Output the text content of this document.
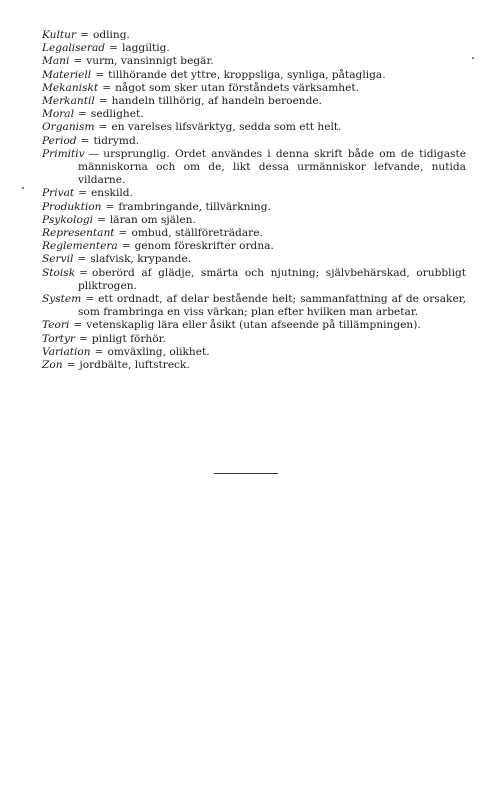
Kultur = odling.
Legaliserad = laggiltig.
Mani = vurm, vansinnigt begär.
Materiell = tillhörande det yttre, kroppsliga, synliga, påtagliga.
Mekaniskt = något som sker utan förståndets värksamhet.
Merkantil = handeln tillhörig, af handeln beroende.
Moral = sedlighet.
Organism = en varelses lifsvärktyg, sedda som ett helt.
Period = tidrymd.
Primitiv — ursprunglig. Ordet användes i denna skrift både om de tidigaste människorna och om de, likt dessa urmänniskor lefvande, nutida vildarne.
Privat = enskild.
Produktion = frambringande, tillvärkning.
Psykologi = läran om själen.
Representant = ombud, ställföreträdare.
Reglementera = genom föreskrifter ordna.
Servil = slafvisk, krypande.
Stoisk = oberörd af glädje, smärta och njutning; självbehärskad, orubbligt pliktrogen.
System = ett ordnadt, af delar bestående helt; sammanfattning af de orsaker, som frambringa en viss värkan; plan efter hvilken man arbetar.
Teori = vetenskaplig lära eller åsikt (utan afseende på tillämpningen).
Tortyr = pinligt förhör.
Variation = omväxling, olikhet.
Zon = jordbälte, luftstreck.
